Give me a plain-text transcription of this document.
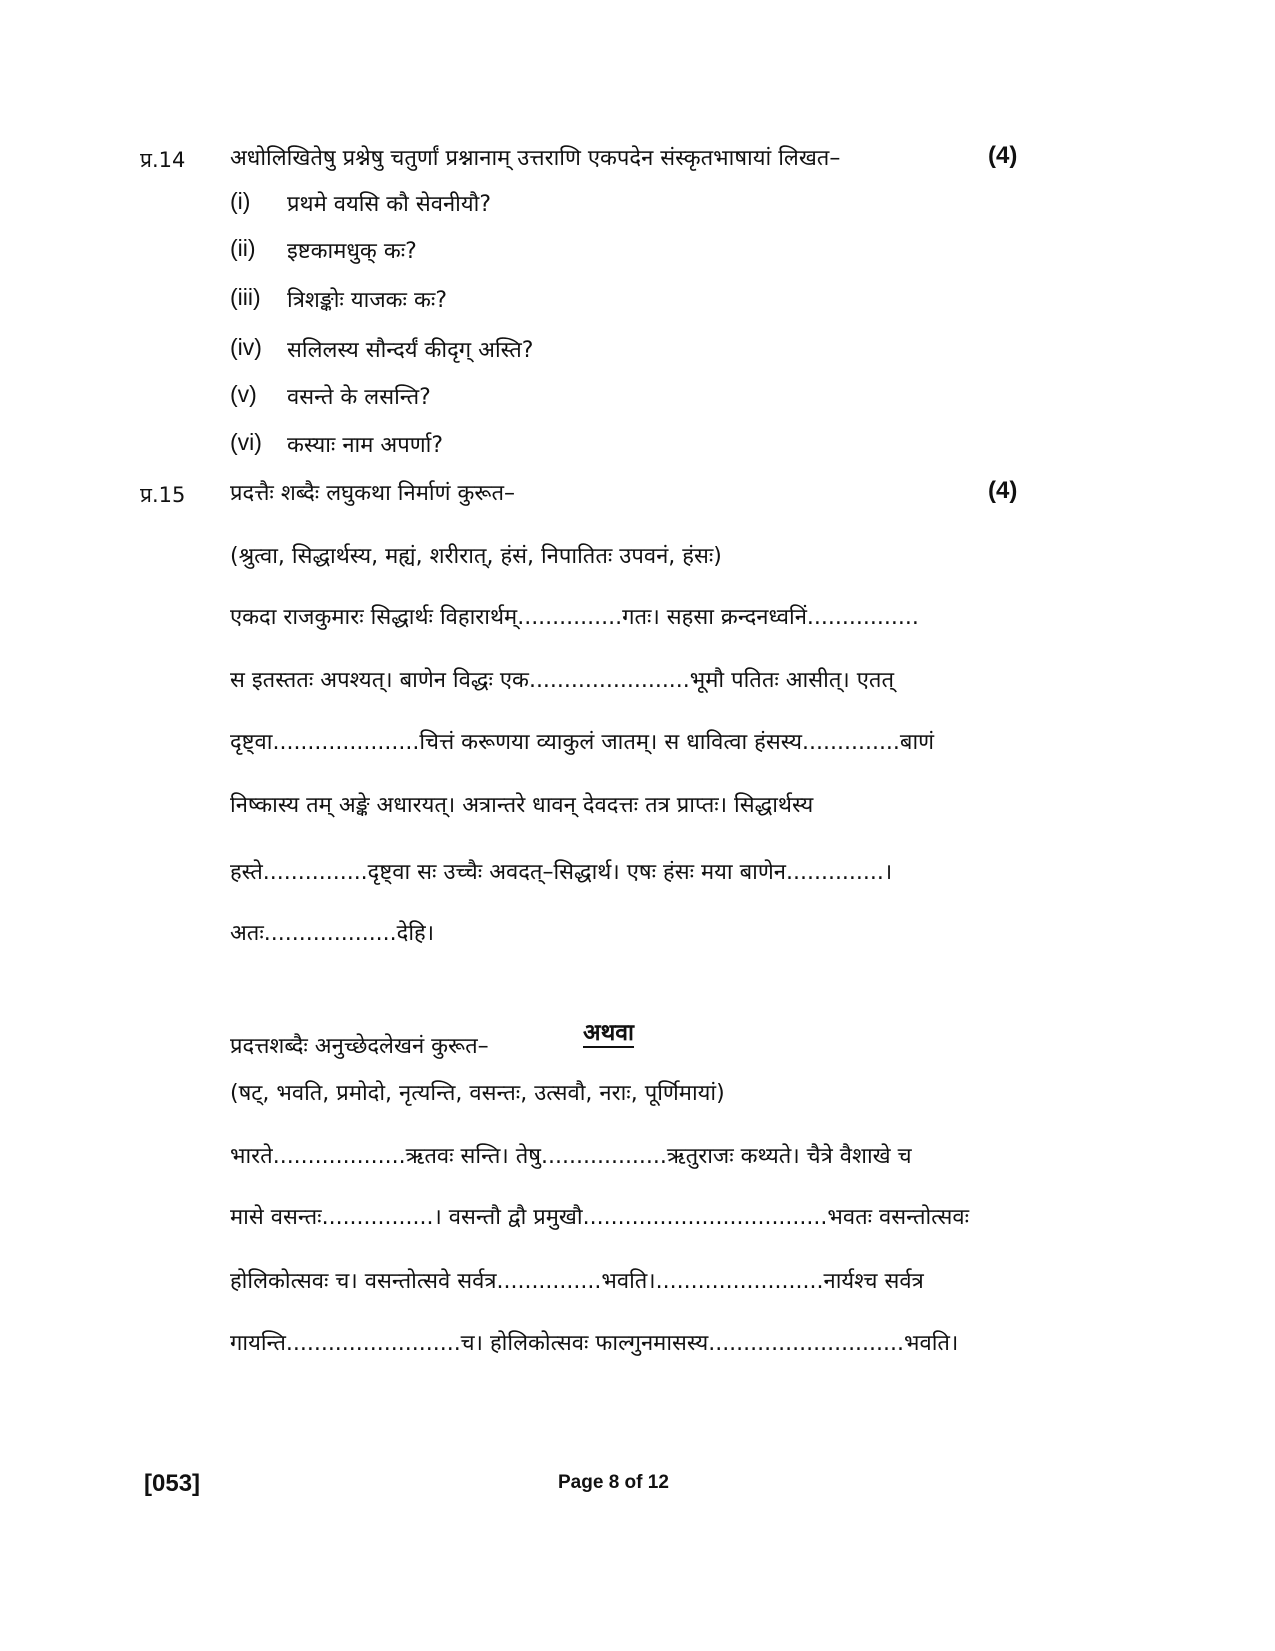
प्र.14 अधोलिखितेषु प्रश्नेषु चतुर्णां प्रश्नानाम् उत्तराणि एकपदेन संस्कृतभाषायां लिखत–	(4)
(i)	प्रथमे वयसि कौ सेवनीयौ?
(ii)	इष्टकामधुक् कः?
(iii)	त्रिशङ्कोः याजकः कः?
(iv)	सलिलस्य सौन्दर्यं कीदृग् अस्ति?
(v)	वसन्ते के लसन्ति?
(vi)	कस्याः नाम अपर्णा?
प्र.15 प्रदत्तैः शब्दैः लघुकथा निर्माणं कुरूत–	(4)
(श्रुत्वा, सिद्धार्थस्य, मह्यं, शरीरात्, हंसं, निपातितः उपवनं, हंसः)
एकदा राजकुमारः सिद्धार्थः विहारार्थम्...............गतः। सहसा क्रन्दनध्वनिं................
स इतस्ततः अपश्यत्। बाणेन विद्धः एक.......................भूमौ पतितः आसीत्। एतत्
दृष्ट्वा.....................चित्तं करूणया व्याकुलं जातम्। स धावित्वा हंसस्य..............बाणं
निष्कास्य तम् अङ्के अधारयत्। अत्रान्तरे धावन् देवदत्तः तत्र प्राप्तः। सिद्धार्थस्य
हस्ते...............दृष्ट्वा सः उच्चैः अवदत्–सिद्धार्थ। एषः हंसः मया बाणेन..............।
अतः...................देहि।
अथवा
प्रदत्तशब्दैः अनुच्छेदलेखनं कुरूत–
(षट्, भवति, प्रमोदो, नृत्यन्ति, वसन्तः, उत्सवौ, नराः, पूर्णिमायां)
भारते...................ऋतवः सन्ति। तेषु..................ऋतुराजः कथ्यते। चैत्रे वैशाखे च
मासे वसन्तः................। वसन्तौ द्वौ प्रमुखौ...................................भवतः वसन्तोत्सवः
होलिकोत्सवः च। वसन्तोत्सवे सर्वत्र...............भवति।........................नार्यश्च सर्वत्र
गायन्ति.........................च। होलिकोत्सवः फाल्गुनमासस्य............................भवति।
[053]	Page 8 of 12
